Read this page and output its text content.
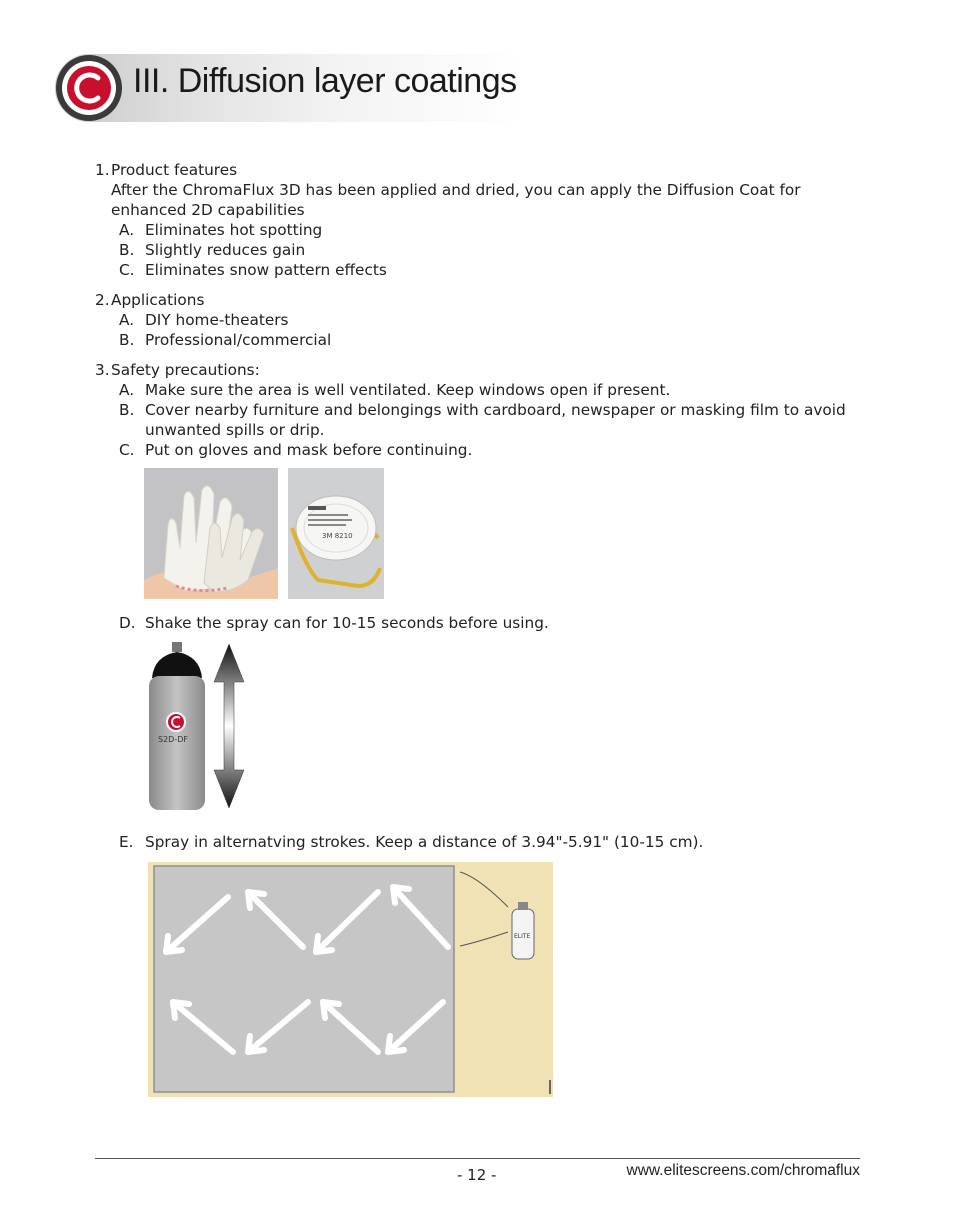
III. Diffusion layer coatings
1. Product features
After the ChromaFlux 3D has been applied and dried, you can apply the Diffusion Coat for enhanced 2D capabilities
A. Eliminates hot spotting
B. Slightly reduces gain
C. Eliminates snow pattern effects
2. Applications
A. DIY home-theaters
B. Professional/commercial
3. Safety precautions:
A. Make sure the area is well ventilated. Keep windows open if present.
B. Cover nearby furniture and belongings with cardboard, newspaper or masking film to avoid unwanted spills or drip.
C. Put on gloves and mask before continuing.
3M 8210
D. Shake the spray can for 10-15 seconds before using.
S2D-DF
E. Spray in alternatving strokes. Keep a distance of 3.94"-5.91" (10-15 cm).
ELITE
- 12 -	www.elitescreens.com/chromaflux
